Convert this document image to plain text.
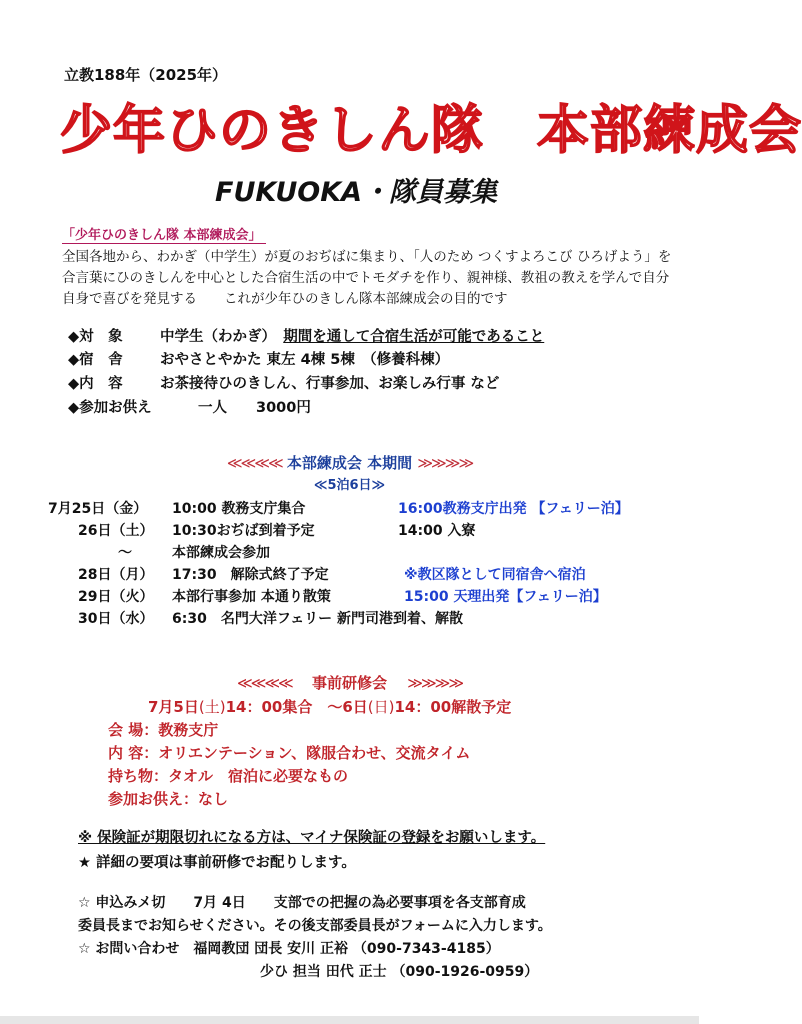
立教188年（2025年）
少年ひのきしん隊　本部練成会
FUKUOKA・隊員募集
「少年ひのきしん隊 本部練成会」
全国各地から、わかぎ（中学生）が夏のおぢばに集まり、「人のため つくすよろこび ひろげよう」を合言葉にひのきしんを中心とした合宿生活の中でトモダチを作り、親神様、教祖の教えを学んで自分自身で喜びを発見する　　これが少年ひのきしん隊本部練成会の目的です
◆対　象	中学生（わかぎ）　 期間を通して合宿生活が可能であること
◆宿　舎	おやさとやかた 東左 4棟 5棟　（修養科棟）
◆内　容	お茶接待ひのきしん、行事参加、お楽しみ行事 など
◆参加お供え	一人　　3000円
≪≪≪≪ 本部練成会 本期間 ≫≫≫≫
≪5泊6日≫
7月25日（金） 10:00 教務支庁集合	16:00教務支庁出発 【フェリー泊】
26日（土） 10:30おぢば到着予定	14:00 入寮
～	本部練成会参加
28日（月） 17:30　解除式終了予定	※教区隊として同宿舎へ宿泊
29日（火） 本部行事参加 本通り散策	15:00 天理出発【フェリー泊】
30日（水） 6:30　名門大洋フェリー 新門司港到着、解散
≪≪≪≪ 　 事前研修会　 ≫≫≫≫
7月5日(土)14：00集合　～6日(日)14：00解散予定
会 場：教務支庁
内 容：オリエンテーション、隊服合わせ、交流タイム
持ち物：タオル　宿泊に必要なもの
参加お供え：なし
※ 保険証が期限切れになる方は、マイナ保険証の登録をお願いします。
★ 詳細の要項は事前研修でお配りします。
☆ 申込みメ切　　7月 4日　　支部での把握の為必要事項を各支部育成
委員長までお知らせください。その後支部委員長がフォームに入力します。
☆ お問い合わせ　福岡教団 団長 安川 正裕 （090-7343-4185）
少ひ 担当 田代 正士 （090-1926-0959）
